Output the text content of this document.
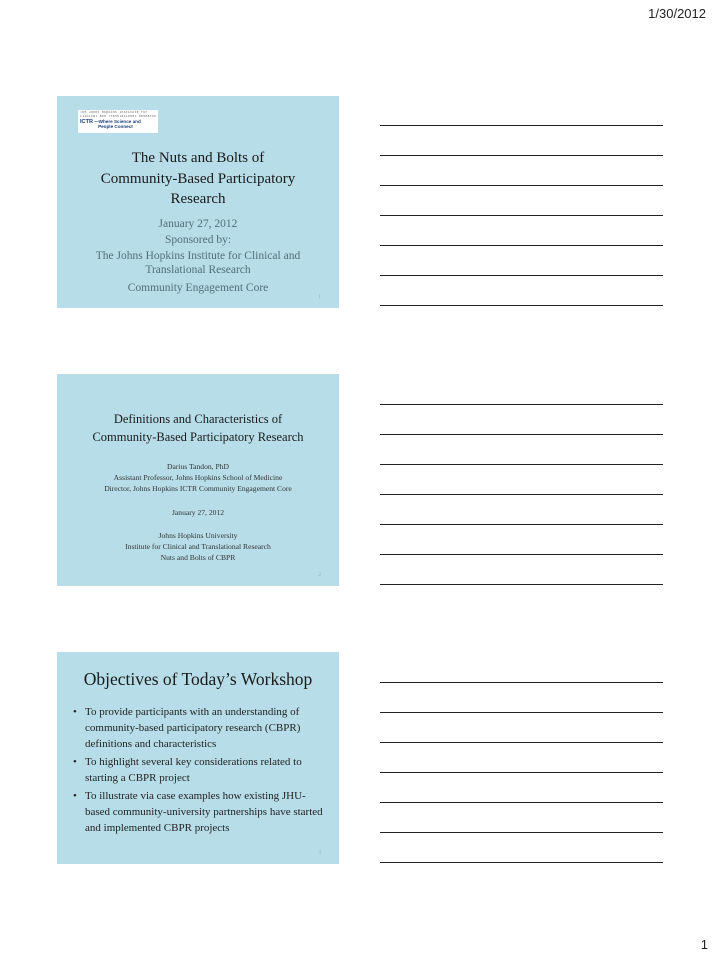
1/30/2012
The Johns Hopkins Institute for
Clinical and Translational Research
ICTR —Where Science and
People Connect
The Nuts and Bolts of
Community-Based Participatory
Research
January 27, 2012
Sponsored by:
The Johns Hopkins Institute for Clinical and
Translational Research
Community Engagement Core
1
Definitions and Characteristics of
Community-Based Participatory Research
Darius Tandon, PhD
Assistant Professor, Johns Hopkins School of Medicine
Director, Johns Hopkins ICTR Community Engagement Core
January 27, 2012
Johns Hopkins University
Institute for Clinical and Translational Research
Nuts and Bolts of CBPR
2
Objectives of Today’s Workshop
• To provide participants with an understanding of community-based participatory research (CBPR) definitions and characteristics
• To highlight several key considerations related to starting a CBPR project
• To illustrate via case examples how existing JHU-based community-university partnerships have started and implemented CBPR projects
3
1
